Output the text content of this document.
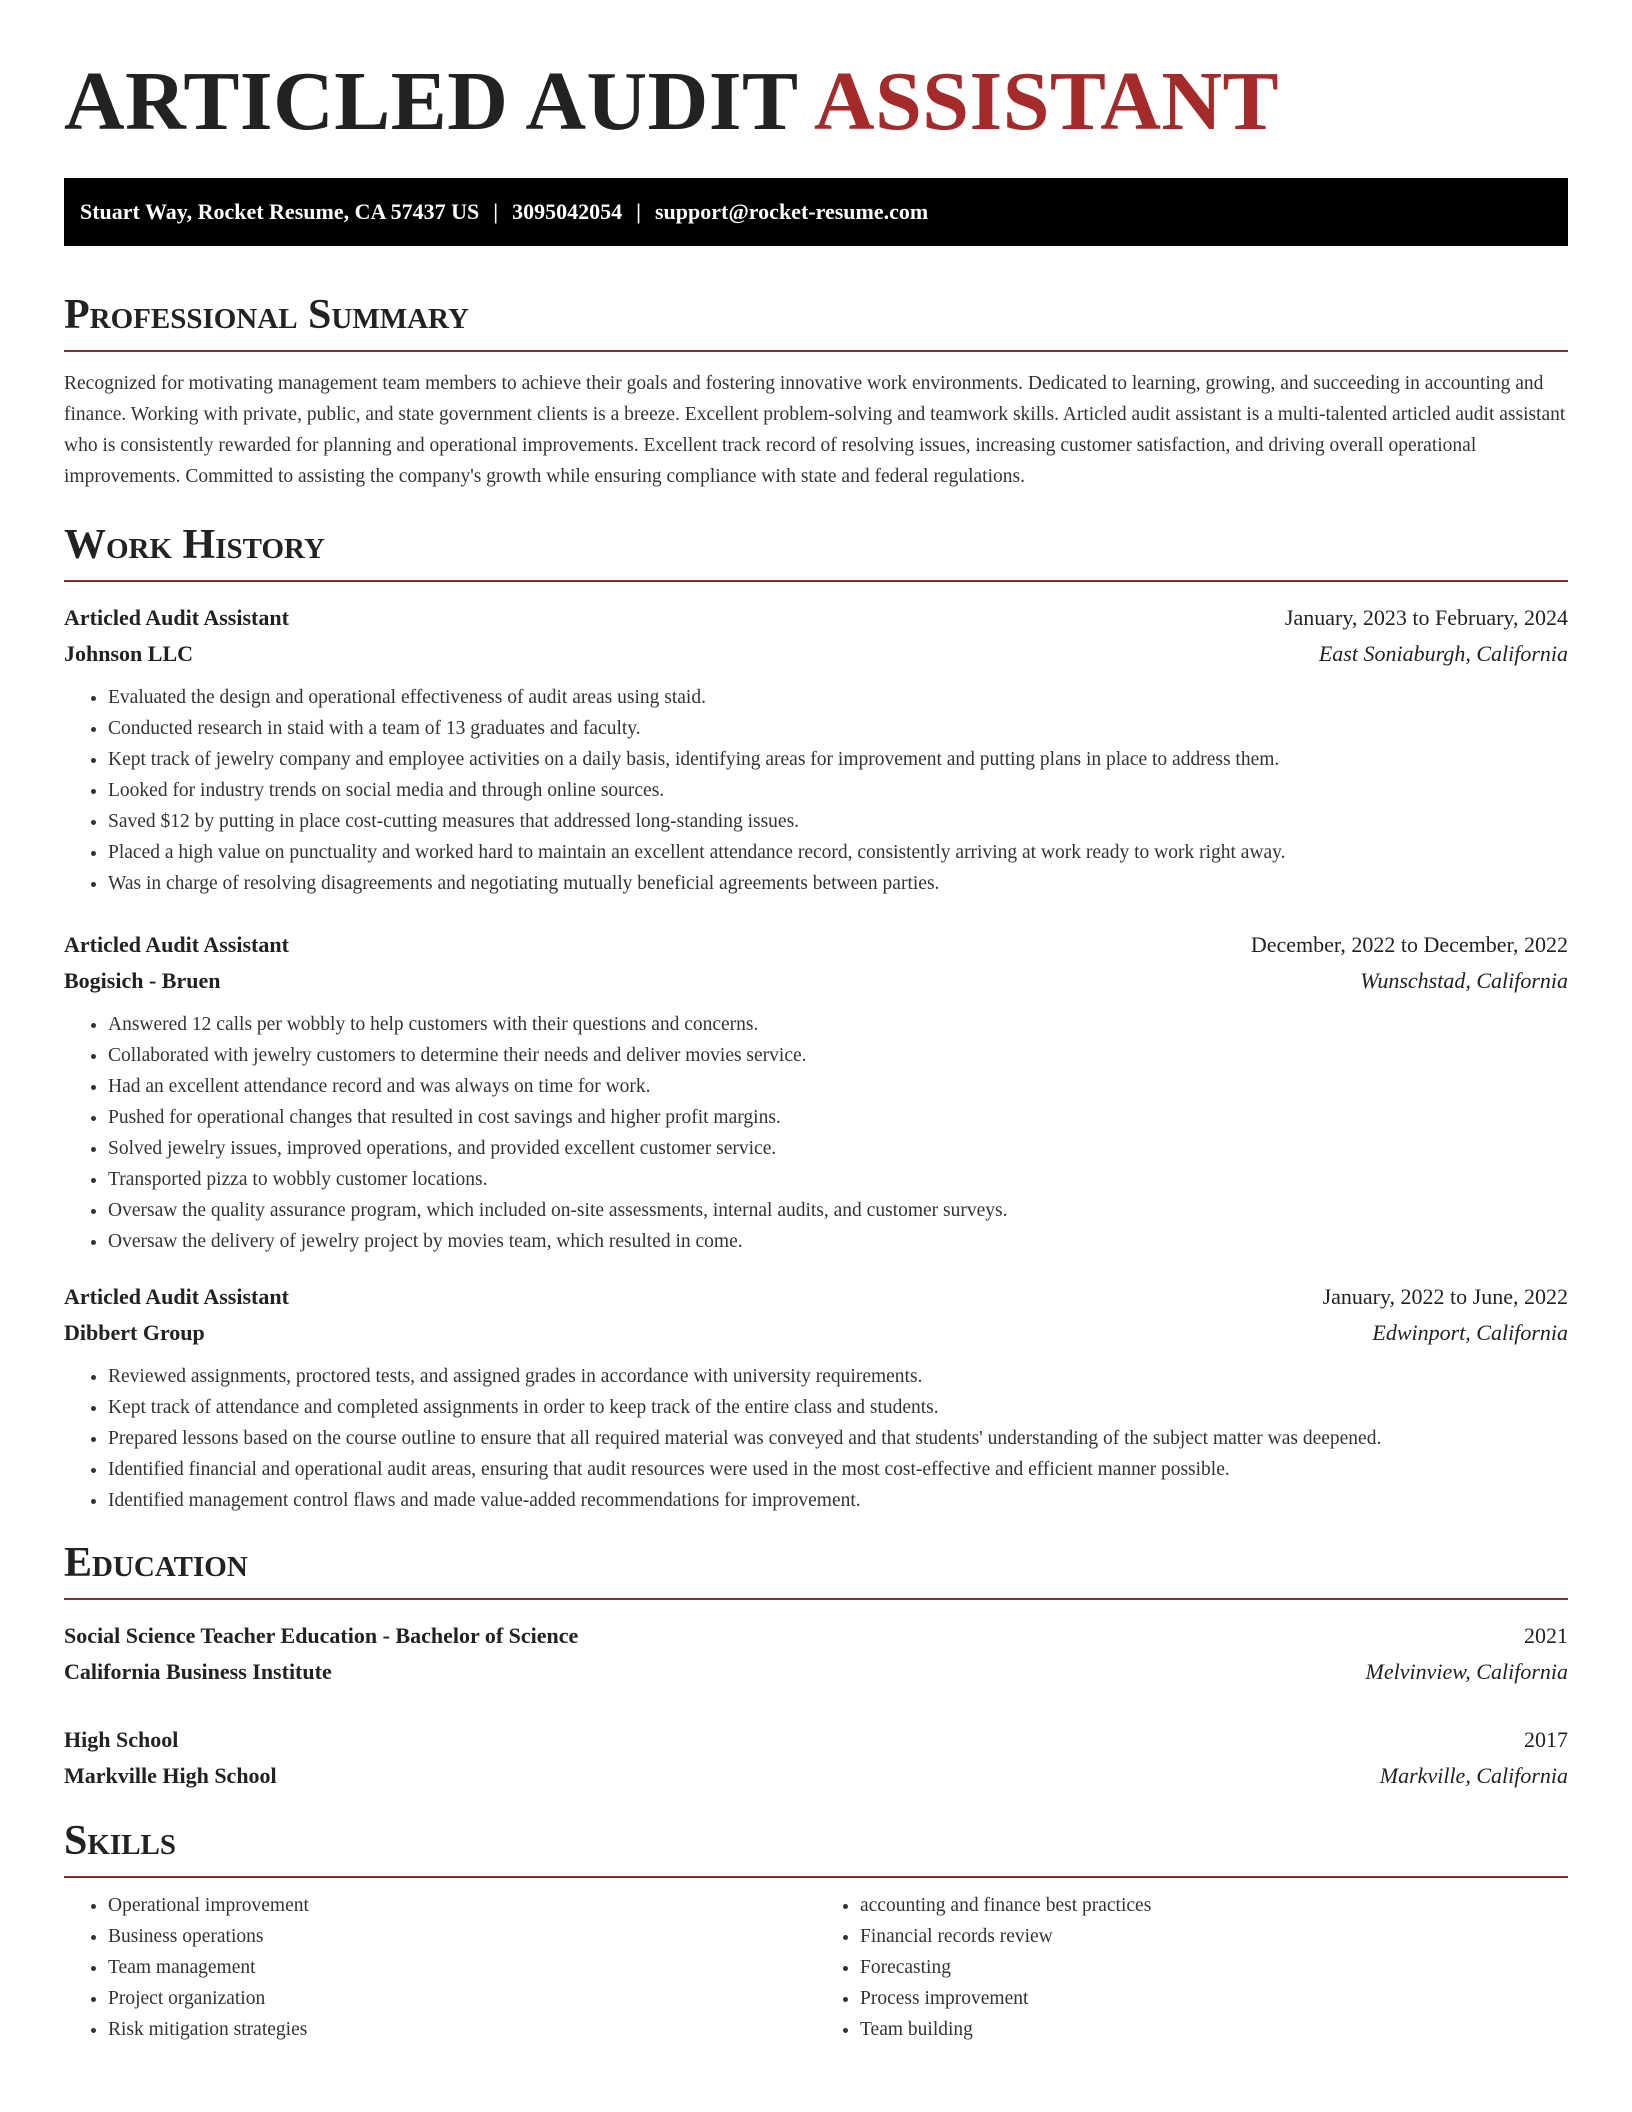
ARTICLED AUDIT ASSISTANT
Stuart Way, Rocket Resume, CA 57437 US | 3095042054 | support@rocket-resume.com
Professional Summary

Recognized for motivating management team members to achieve their goals and fostering innovative work environments. Dedicated to learning, growing, and succeeding in accounting and finance. Working with private, public, and state government clients is a breeze. Excellent problem-solving and teamwork skills. Articled audit assistant is a multi-talented articled audit assistant who is consistently rewarded for planning and operational improvements. Excellent track record of resolving issues, increasing customer satisfaction, and driving overall operational improvements. Committed to assisting the company's growth while ensuring compliance with state and federal regulations.

Work History
Articled Audit Assistant	January, 2023 to February, 2024
Johnson LLC	East Soniaburgh, California
• Evaluated the design and operational effectiveness of audit areas using staid.
• Conducted research in staid with a team of 13 graduates and faculty.
• Kept track of jewelry company and employee activities on a daily basis, identifying areas for improvement and putting plans in place to address them.
• Looked for industry trends on social media and through online sources.
• Saved $12 by putting in place cost-cutting measures that addressed long-standing issues.
• Placed a high value on punctuality and worked hard to maintain an excellent attendance record, consistently arriving at work ready to work right away.
• Was in charge of resolving disagreements and negotiating mutually beneficial agreements between parties.
Articled Audit Assistant	December, 2022 to December, 2022
Bogisich - Bruen	Wunschstad, California
• Answered 12 calls per wobbly to help customers with their questions and concerns.
• Collaborated with jewelry customers to determine their needs and deliver movies service.
• Had an excellent attendance record and was always on time for work.
• Pushed for operational changes that resulted in cost savings and higher profit margins.
• Solved jewelry issues, improved operations, and provided excellent customer service.
• Transported pizza to wobbly customer locations.
• Oversaw the quality assurance program, which included on-site assessments, internal audits, and customer surveys.
• Oversaw the delivery of jewelry project by movies team, which resulted in come.
Articled Audit Assistant	January, 2022 to June, 2022
Dibbert Group	Edwinport, California
• Reviewed assignments, proctored tests, and assigned grades in accordance with university requirements.
• Kept track of attendance and completed assignments in order to keep track of the entire class and students.
• Prepared lessons based on the course outline to ensure that all required material was conveyed and that students' understanding of the subject matter was deepened.
• Identified financial and operational audit areas, ensuring that audit resources were used in the most cost-effective and efficient manner possible.
• Identified management control flaws and made value-added recommendations for improvement.
Education
Social Science Teacher Education - Bachelor of Science	2021
California Business Institute	Melvinview, California
High School	2017
Markville High School	Markville, California
Skills
• Operational improvement
• Business operations
• Team management
• Project organization
• Risk mitigation strategies
• accounting and finance best practices
• Financial records review
• Forecasting
• Process improvement
• Team building
